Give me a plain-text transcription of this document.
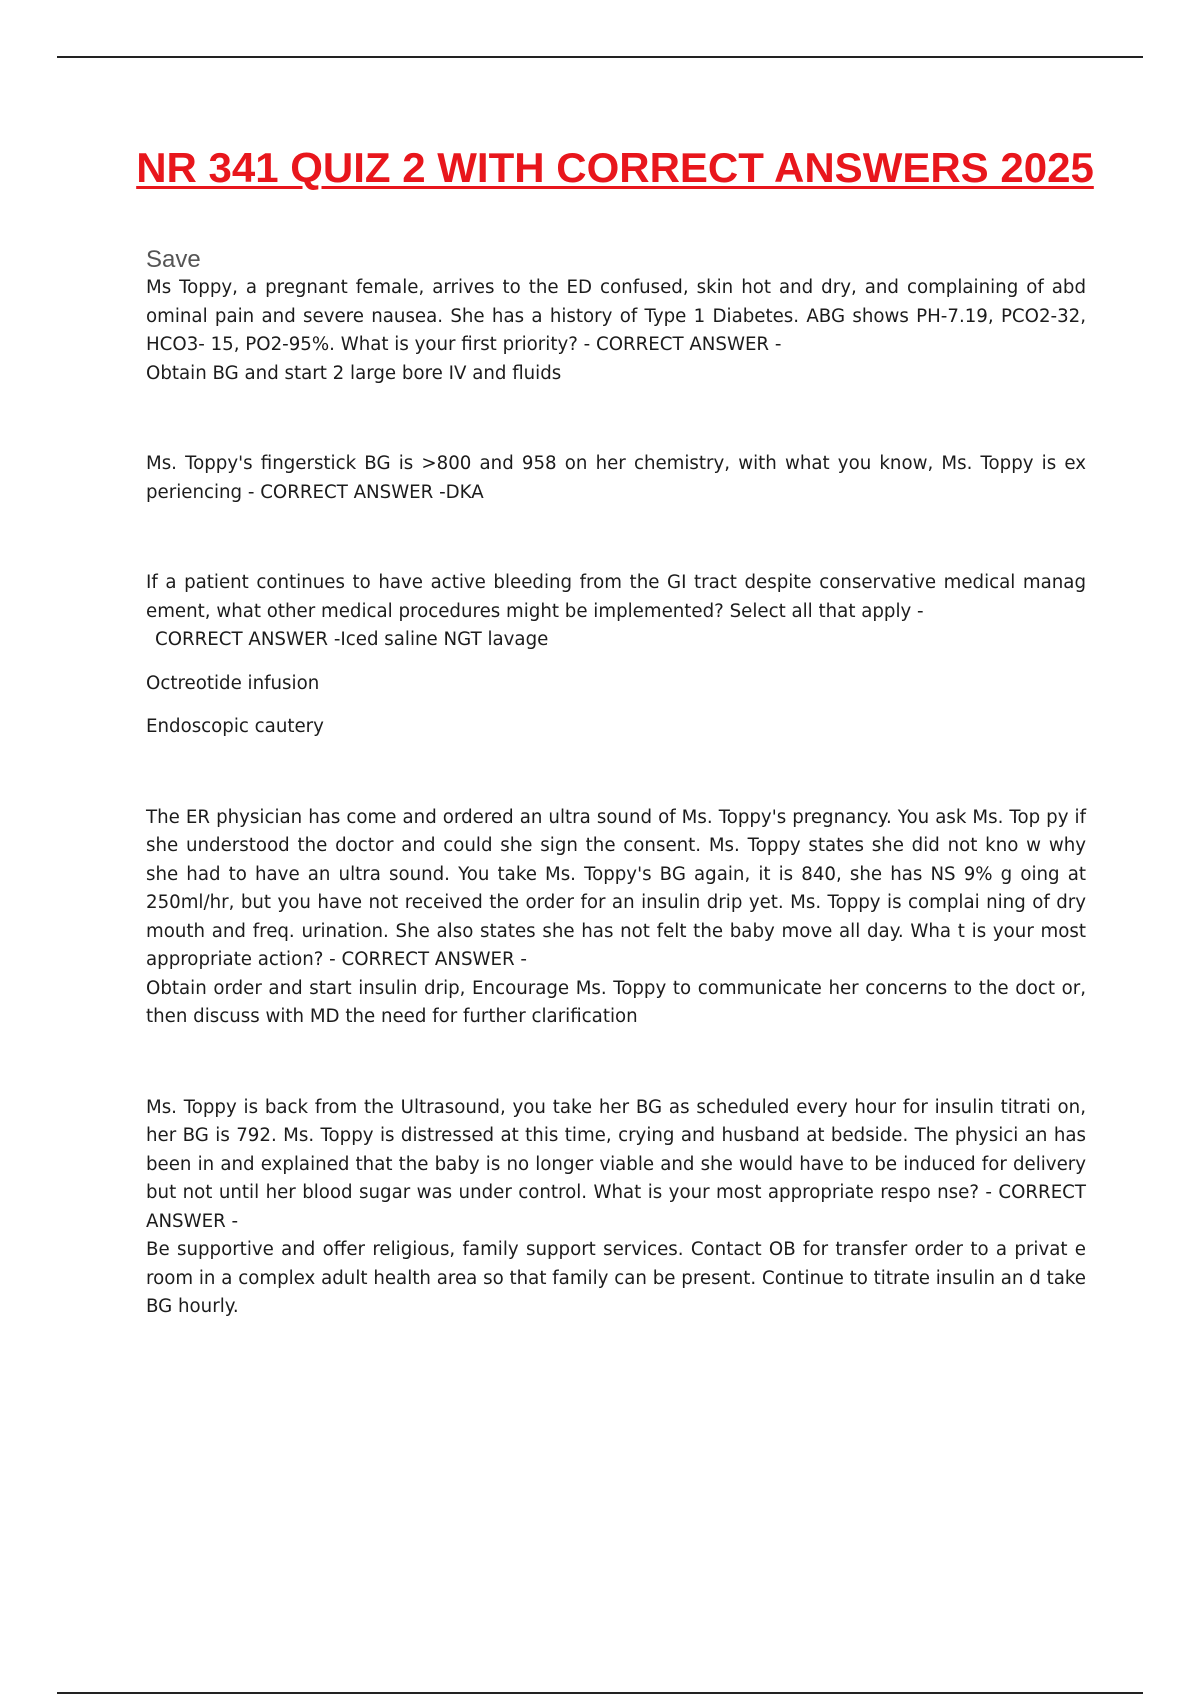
NR 341 QUIZ 2 WITH CORRECT ANSWERS 2025
Save

Ms Toppy, a pregnant female, arrives to the ED confused, skin hot and dry, and complaining of abd ominal pain and severe nausea. She has a history of Type 1 Diabetes. ABG shows PH-7.19, PCO2-32, HCO3- 15, PO2-95%. What is your first priority? - CORRECT ANSWER -

Obtain BG and start 2 large bore IV and fluids

Ms. Toppy's fingerstick BG is >800 and 958 on her chemistry, with what you know, Ms. Toppy is ex periencing - CORRECT ANSWER -DKA

If a patient continues to have active bleeding from the GI tract despite conservative medical manag ement, what other medical procedures might be implemented? Select all that apply -

CORRECT ANSWER -Iced saline NGT lavage

Octreotide infusion

Endoscopic cautery

The ER physician has come and ordered an ultra sound of Ms. Toppy's pregnancy. You ask Ms. Top py if she understood the doctor and could she sign the consent. Ms. Toppy states she did not kno w why she had to have an ultra sound. You take Ms. Toppy's BG again, it is 840, she has NS 9% g oing at 250ml/hr, but you have not received the order for an insulin drip yet. Ms. Toppy is complai ning of dry mouth and freq. urination. She also states she has not felt the baby move all day. Wha t is your most appropriate action? - CORRECT ANSWER -

Obtain order and start insulin drip, Encourage Ms. Toppy to communicate her concerns to the doct or, then discuss with MD the need for further clarification

Ms. Toppy is back from the Ultrasound, you take her BG as scheduled every hour for insulin titrati on, her BG is 792. Ms. Toppy is distressed at this time, crying and husband at bedside. The physici an has been in and explained that the baby is no longer viable and she would have to be induced for delivery but not until her blood sugar was under control. What is your most appropriate respo nse? - CORRECT ANSWER -

Be supportive and offer religious, family support services. Contact OB for transfer order to a privat e room in a complex adult health area so that family can be present. Continue to titrate insulin an d take BG hourly.
